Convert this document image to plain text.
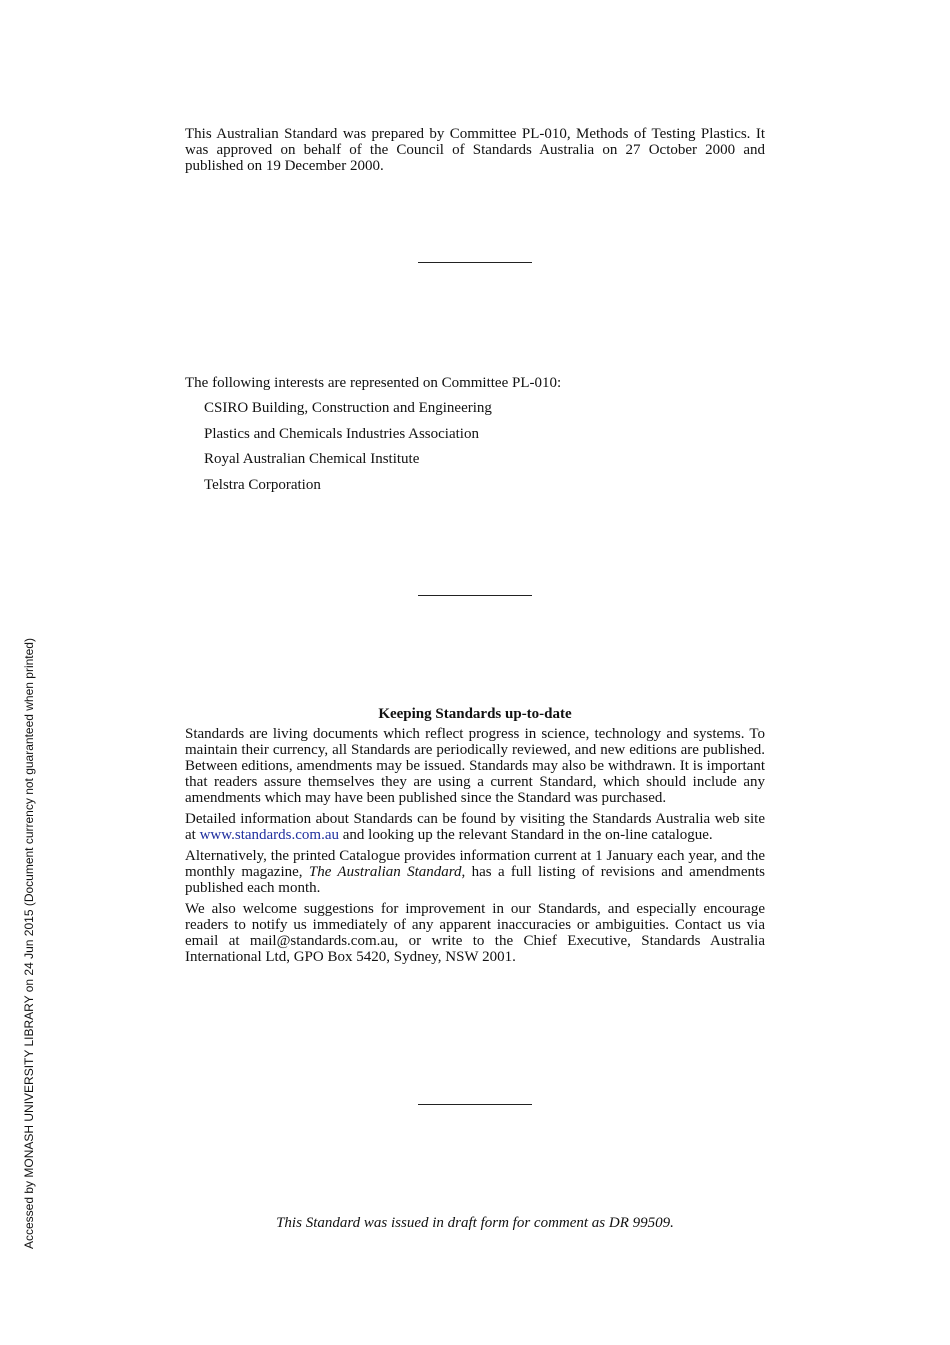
This Australian Standard was prepared by Committee PL-010, Methods of Testing Plastics. It was approved on behalf of the Council of Standards Australia on 27 October 2000 and published on 19 December 2000.
The following interests are represented on Committee PL-010:
CSIRO Building, Construction and Engineering
Plastics and Chemicals Industries Association
Royal Australian Chemical Institute
Telstra Corporation
Keeping Standards up-to-date

Standards are living documents which reflect progress in science, technology and systems. To maintain their currency, all Standards are periodically reviewed, and new editions are published. Between editions, amendments may be issued. Standards may also be withdrawn. It is important that readers assure themselves they are using a current Standard, which should include any amendments which may have been published since the Standard was purchased.

Detailed information about Standards can be found by visiting the Standards Australia web site at www.standards.com.au and looking up the relevant Standard in the on-line catalogue.

Alternatively, the printed Catalogue provides information current at 1 January each year, and the monthly magazine, The Australian Standard, has a full listing of revisions and amendments published each month.

We also welcome suggestions for improvement in our Standards, and especially encourage readers to notify us immediately of any apparent inaccuracies or ambiguities. Contact us via email at mail@standards.com.au, or write to the Chief Executive, Standards Australia International Ltd, GPO Box 5420, Sydney, NSW 2001.

This Standard was issued in draft form for comment as DR 99509.
Accessed by MONASH UNIVERSITY LIBRARY on 24 Jun 2015 (Document currency not guaranteed when printed)
